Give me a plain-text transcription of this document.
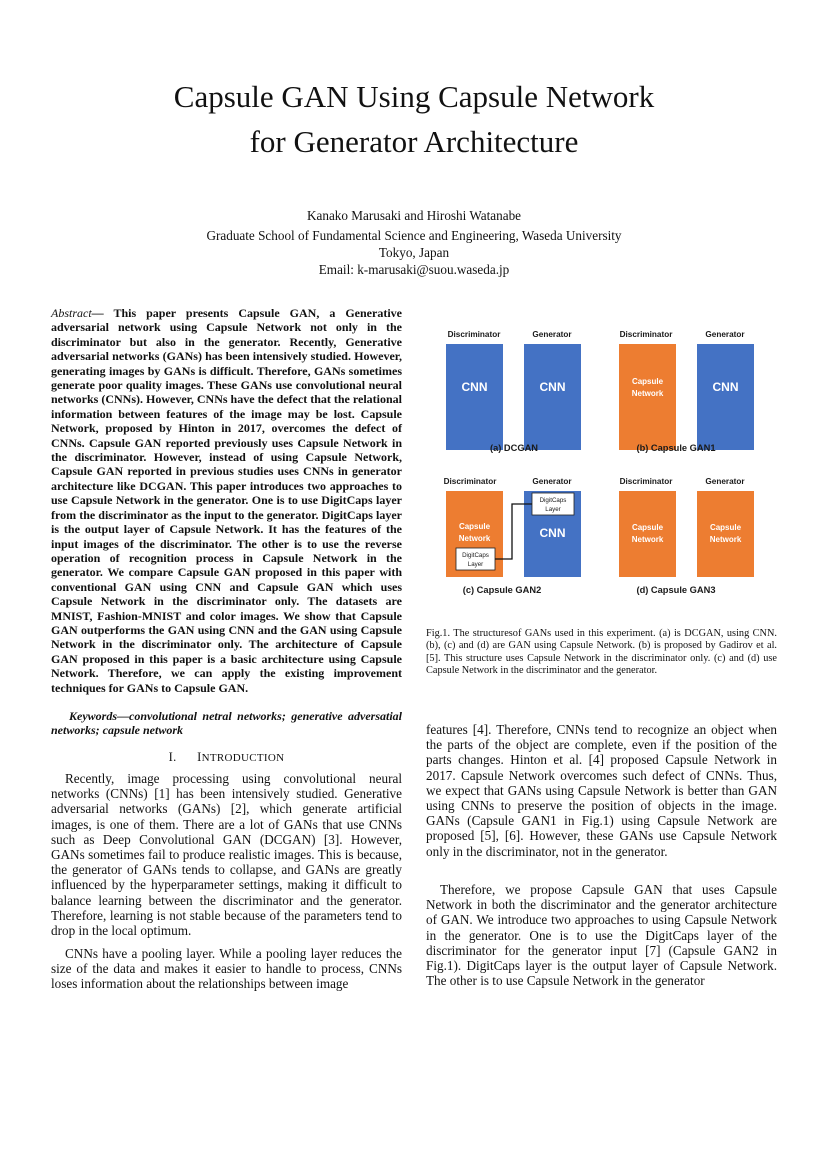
Capsule GAN Using Capsule Network
for Generator Architecture
Kanako Marusaki and Hiroshi Watanabe
Graduate School of Fundamental Science and Engineering, Waseda University
Tokyo, Japan
Email: k-marusaki@suou.waseda.jp
Abstract— This paper presents Capsule GAN, a Generative adversarial network using Capsule Network not only in the discriminator but also in the generator. Recently, Generative adversarial networks (GANs) has been intensively studied. However, generating images by GANs is difficult. Therefore, GANs sometimes generate poor quality images. These GANs use convolutional neural networks (CNNs). However, CNNs have the defect that the relational information between features of the image may be lost. Capsule Network, proposed by Hinton in 2017, overcomes the defect of CNNs. Capsule GAN reported previously uses Capsule Network in the discriminator. However, instead of using Capsule Network, Capsule GAN reported in previous studies uses CNNs in generator architecture like DCGAN. This paper introduces two approaches to use Capsule Network in the generator. One is to use DigitCaps layer from the discriminator as the input to the generator. DigitCaps layer is the output layer of Capsule Network. It has the features of the input images of the discriminator. The other is to use the reverse operation of recognition process in Capsule Network in the generator. We compare Capsule GAN proposed in this paper with conventional GAN using CNN and Capsule GAN which uses Capsule Network in the discriminator only. The datasets are MNIST, Fashion-MNIST and color images. We show that Capsule GAN outperforms the GAN using CNN and the GAN using Capsule Network in the discriminator only. The architecture of Capsule GAN proposed in this paper is a basic architecture using Capsule Network. Therefore, we can apply the existing improvement techniques for GANs to Capsule GAN.
Keywords—convolutional netral networks; generative adversatial networks; capsule network
I. INTRODUCTION

Recently, image processing using convolutional neural networks (CNNs) [1] has been intensively studied. Generative adversarial networks (GANs) [2], which generate artificial images, is one of them. There are a lot of GANs that use CNNs such as Deep Convolutional GAN (DCGAN) [3]. However, GANs sometimes fail to produce realistic images. This is because, the generator of GANs tends to collapse, and GANs are greatly influenced by the hyperparameter settings, making it difficult to balance learning between the discriminator and the generator. Therefore, learning is not stable because of the parameters tend to drop in the local optimum.

CNNs have a pooling layer. While a pooling layer reduces the size of the data and makes it easier to handle to process, CNNs loses information about the relationships between image

Discriminator	Generator
CNN	CNN
(a) DCGAN
Discriminator	Generator
Capsule
Network	CNN
(b) Capsule GAN1
Discriminator	Generator
Capsule
Network	CNN
DigitCaps
Layer
DigitCaps
Layer
(c) Capsule GAN2
Discriminator	Generator
Capsule
Network
Capsule
Network
(d) Capsule GAN3
Fig.1. The structuresof GANs used in this experiment. (a) is DCGAN, using CNN. (b), (c) and (d) are GAN using Capsule Network. (b) is proposed by Gadirov et al. [5]. This structure uses Capsule Network in the discriminator only. (c) and (d) use Capsule Network in the discriminator and the generator.

features [4]. Therefore, CNNs tend to recognize an object when the parts of the object are complete, even if the position of the parts changes. Hinton et al. [4] proposed Capsule Network in 2017. Capsule Network overcomes such defect of CNNs. Thus, we expect that GANs using Capsule Network is better than GAN using CNNs to preserve the position of objects in the image. GANs (Capsule GAN1 in Fig.1) using Capsule Network are proposed [5], [6]. However, these GANs use Capsule Network only in the discriminator, not in the generator.

Therefore, we propose Capsule GAN that uses Capsule Network in both the discriminator and the generator architecture of GAN. We introduce two approaches to using Capsule Network in the generator. One is to use the DigitCaps layer of the discriminator for the generator input [7] (Capsule GAN2 in Fig.1). DigitCaps layer is the output layer of Capsule Network. The other is to use Capsule Network in the generator
